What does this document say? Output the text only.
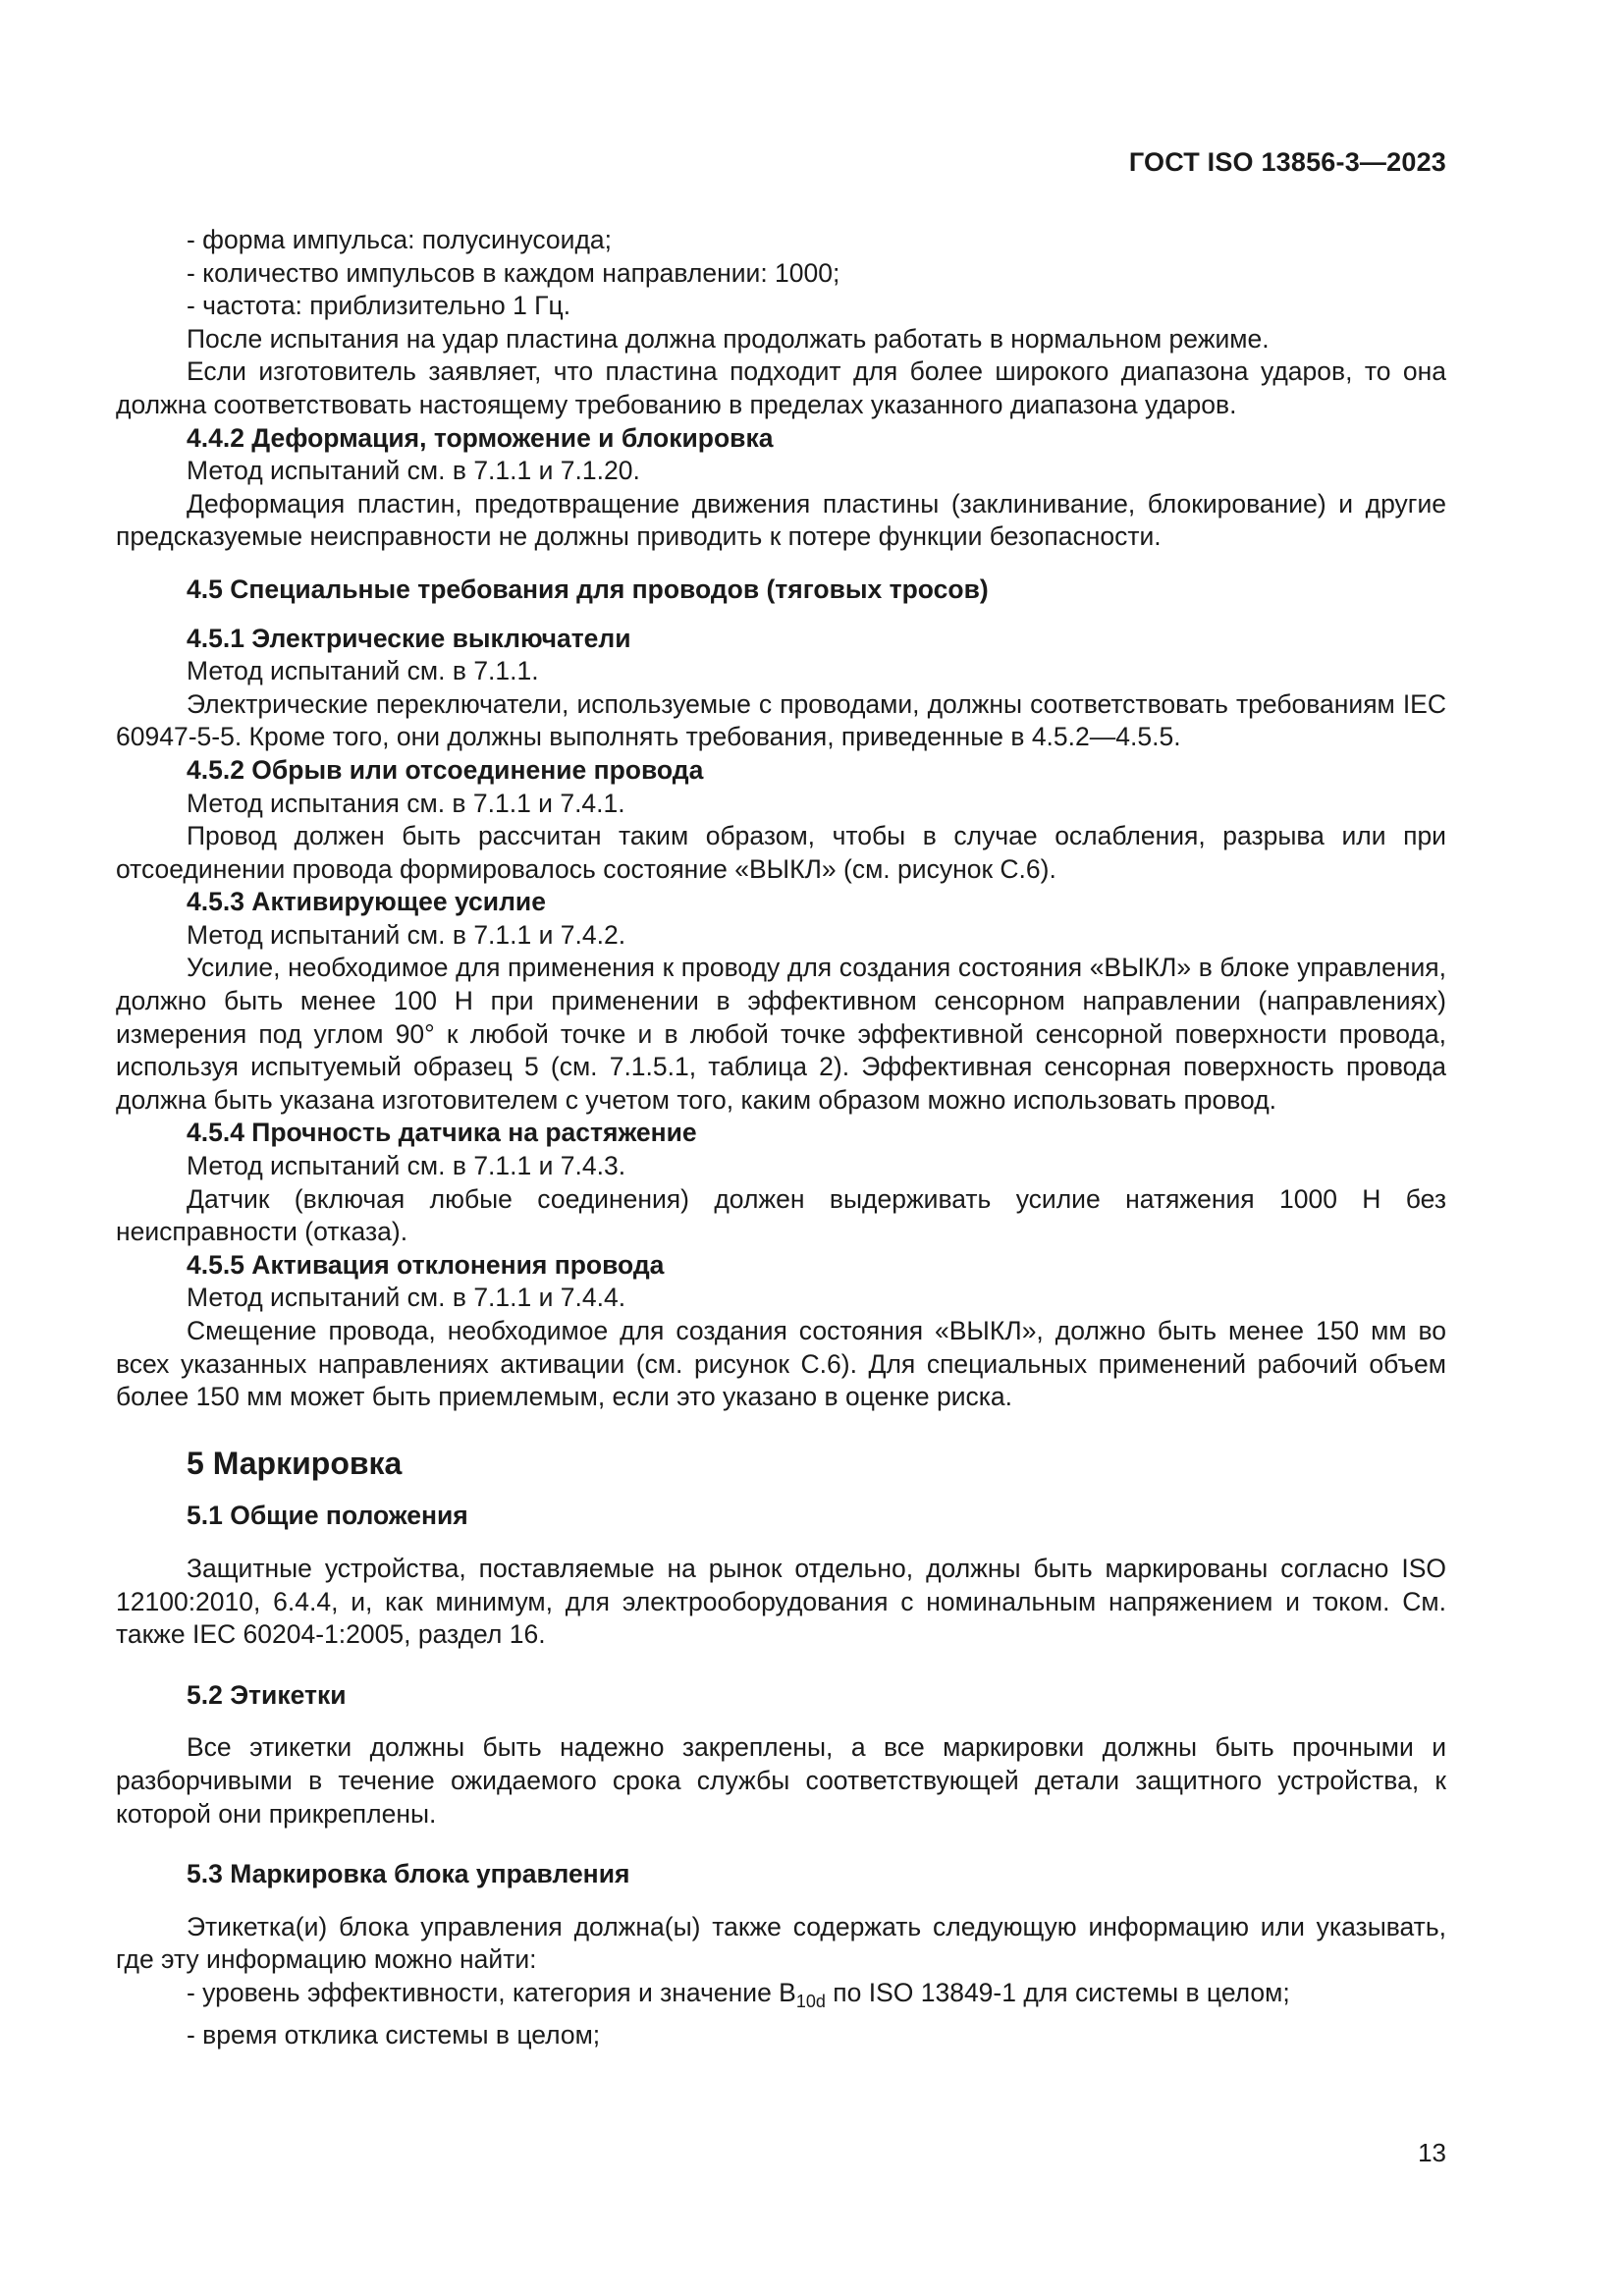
ГОСТ ISO 13856-3—2023

- форма импульса: полусинусоида;

- количество импульсов в каждом направлении: 1000;

- частота: приблизительно 1 Гц.

После испытания на удар пластина должна продолжать работать в нормальном режиме.

Если изготовитель заявляет, что пластина подходит для более широкого диапазона ударов, то она должна соответствовать настоящему требованию в пределах указанного диапазона ударов.

4.4.2 Деформация, торможение и блокировка

Метод испытаний см. в 7.1.1 и 7.1.20.

Деформация пластин, предотвращение движения пластины (заклинивание, блокирование) и другие предсказуемые неисправности не должны приводить к потере функции безопасности.

4.5 Специальные требования для проводов (тяговых тросов)

4.5.1 Электрические выключатели

Метод испытаний см. в 7.1.1.

Электрические переключатели, используемые с проводами, должны соответствовать требованиям IEC 60947-5-5. Кроме того, они должны выполнять требования, приведенные в 4.5.2—4.5.5.

4.5.2 Обрыв или отсоединение провода

Метод испытания см. в 7.1.1 и 7.4.1.

Провод должен быть рассчитан таким образом, чтобы в случае ослабления, разрыва или при отсоединении провода формировалось состояние «ВЫКЛ» (см. рисунок С.6).

4.5.3 Активирующее усилие

Метод испытаний см. в 7.1.1 и 7.4.2.

Усилие, необходимое для применения к проводу для создания состояния «ВЫКЛ» в блоке управления, должно быть менее 100 Н при применении в эффективном сенсорном направлении (направлениях) измерения под углом 90° к любой точке и в любой точке эффективной сенсорной поверхности провода, используя испытуемый образец 5 (см. 7.1.5.1, таблица 2). Эффективная сенсорная поверхность провода должна быть указана изготовителем с учетом того, каким образом можно использовать провод.

4.5.4 Прочность датчика на растяжение

Метод испытаний см. в 7.1.1 и 7.4.3.

Датчик (включая любые соединения) должен выдерживать усилие натяжения 1000 Н без неисправности (отказа).

4.5.5 Активация отклонения провода

Метод испытаний см. в 7.1.1 и 7.4.4.

Смещение провода, необходимое для создания состояния «ВЫКЛ», должно быть менее 150 мм во всех указанных направлениях активации (см. рисунок С.6). Для специальных применений рабочий объем более 150 мм может быть приемлемым, если это указано в оценке риска.

5 Маркировка

5.1 Общие положения

Защитные устройства, поставляемые на рынок отдельно, должны быть маркированы согласно ISO 12100:2010, 6.4.4, и, как минимум, для электрооборудования с номинальным напряжением и током. См. также IEC 60204-1:2005, раздел 16.

5.2 Этикетки

Все этикетки должны быть надежно закреплены, а все маркировки должны быть прочными и разборчивыми в течение ожидаемого срока службы соответствующей детали защитного устройства, к которой они прикреплены.

5.3 Маркировка блока управления

Этикетка(и) блока управления должна(ы) также содержать следующую информацию или указывать, где эту информацию можно найти:

- уровень эффективности, категория и значение $B_{10d}$ по ISO 13849-1 для системы в целом;

- время отклика системы в целом;

13
